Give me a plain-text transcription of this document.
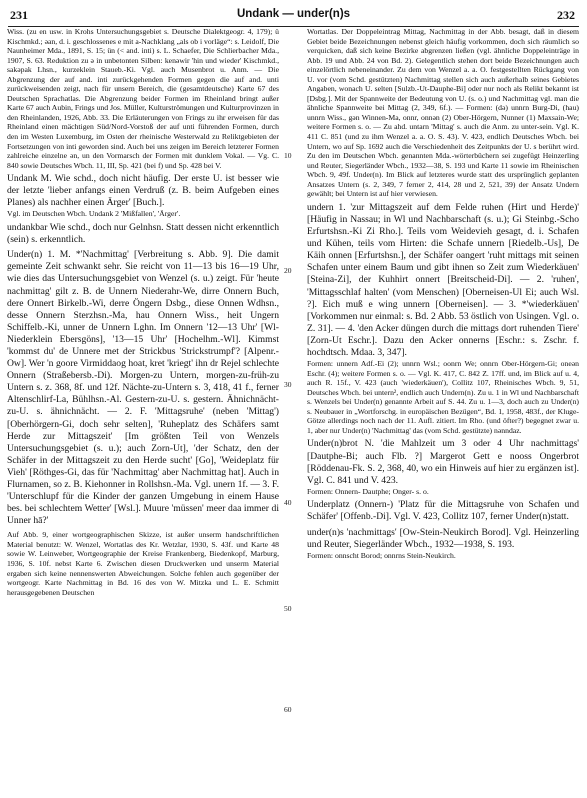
231	Undank — under(n)s	232

Wiss. (zu en usw. in Krohs Untersuchungsgebiet s. Deutsche Dialektgeogr. 4, 179); ü Kischmkd.; əan, d. i. geschlossenes e mit a-Nachklang „als ob i vorläge“: s. Leidolf, Die Naunheimer Mda., 1891, S. 15; ün (< and. inti) s. L. Schaefer, Die Schlierbacher Mda., 1907, S. 63. Reduktion zu ə in unbetonten Silben: kenəwir 'hin und wieder' Kischmkd., sakəpak Lhsn., kurzeklein Staueb.-Ki. Vgl. auch Musenbrot u. Anm. — Die Abgrenzung der auf and. inti zurückgehenden Formen gegen die auf and. unti zurückweisenden zeigt, nach für unsern Bereich, die (gesamtdeutsche) Karte 67 des Deutschen Sprachatlas. Die Abgrenzung beider Formen im Rheinland bringt außer Karte 67 auch Aubin, Frings und Jos. Müller, Kulturströmungen und Kulturprovinzen in den Rheinlanden, 1926, Abb. 33. Die Erläuterungen von Frings zu ihr erweisen für das Rheinland einen mächtigen Süd/Nord-Vorstoß der auf unti führenden Formen, durch den im Westen Luxemburg, im Osten der rheinische Westerwald zu Reliktgebieten der Fortsetzungen von inti geworden sind. Auch bei uns zeigen im Bereich letzterer Formen zahlreiche einzelne ən, un den Vormarsch der Formen mit dunklem Vokal. — Vg. C. 840 sowie Deutsches Wbch. 11, III, Sp. 421 (bei f) und Sp. 428 bei V.

Undank M. Wie schd., doch nicht häufig. Der erste U. ist besser wie der letzte 'lieber anfangs einen Verdruß (z. B. beim Aufgeben eines Planes) als nachher einen Ärger' [Buch.].

Vgl. im Deutschen Wbch. Undank 2 'Mißfallen', 'Ärger'.

undankbar Wie schd., doch nur Gelnhsn. Statt dessen nicht erkenntlich (sein) s. erkenntlich.

Under(n) 1. M. *'Nachmittag' [Verbreitung s. Abb. 9]. Die damit gemeinte Zeit schwankt sehr. Sie reicht von 11—13 bis 16—19 Uhr, wie dies das Untersuchungsgebiet von Wenzel (s. u.) zeigt. Für 'heute nachmittag' gilt z. B. de Unnern Niederahr-We, dirre Onnern Buch, dere Onnert Birkelb.-Wi, derre Öngern Dsbg., diese Onnen Wdhsn., desse Onnern Sterzhsn.-Ma, hau Onnern Wiss., heit Ungern Schiffelb.-Ki, unner de Unnern Lghn. Im Onnern '12—13 Uhr' [Wl-Niederklein Ebersgöns], '13—15 Uhr' [Hochelhm.-Wl]. Kimmst 'kommst du' de Unnere met der Strickbus 'Strickstrumpf'? [Alpenr.-Ow]. Wer 'n goore Virmiddaog hoat, kret 'kriegt' ihn dr Rejel schlechte Onnern (Straßebersb.-Di). Morgen-zu Untern, morgen-zu-früh-zu Untern s. z. 368, 8f. und 12f. Nächte-zu-Untern s. 3, 418, 41 f., ferner Altenschlirf-La, Bühlhsn.-Al. Gestern-zu-U. s. gestern. Ähnichnächt-zu-U. s. ähnichnächt. — 2. F. 'Mittagsruhe' (neben 'Mittag') [Oberhörgern-Gi, doch sehr selten], 'Ruheplatz des Schäfers samt Herde zur Mittagszeit' [Im größten Teil von Wenzels Untersuchungsgebiet (s. u.); auch Zorn-Ut], 'der Schatz, den der Schäfer in der Mittagszeit zu den Herde sucht' [Go], 'Weideplatz für Vieh' [Röthges-Gi, das für 'Nachmittag' aber Nachmittag hat]. Auch in Flurnamen, so z. B. Kiehonner in Rollshsn.-Ma. Vgl. unern 1f. — 3. F. 'Unterschlupf für die Kinder der ganzen Umgebung in einem Hause bes. bei schlechtem Wetter' [Wsl.]. Muure 'müssen' meer daa immer di Unner hā?'

Auf Abb. 9, einer wortgeographischen Skizze, ist außer unserm handschriftlichen Material benutzt: W. Wenzel, Wortatlas des Kr. Wetzlar, 1930, S. 43f. und Karte 48 sowie W. Leinweber, Wortgeographie der Kreise Frankenberg, Biedenkopf, Marburg, 1936, S. 10f. nebst Karte 6. Zwischen diesen Druckwerken und unserm Material ergaben sich keine nennenswerten Abweichungen. Solche fehlen auch gegenüber der wortgeogr. Karte Nachmittag in Bd. 16 des von W. Mitzka und L. E. Schmitt herausgegebenen Deutschen

10
20
30
40
50
60

Wortatlas. Der Doppeleintrag Mittag, Nachmittag in der Abb. besagt, daß in diesem Gebiet beide Bezeichnungen nebenst gleich häufig vorkommen, doch sich räumlich so verquicken, daß sich keine Bezirke abgrenzen ließen (vgl. ähnliche Doppeleinträge in Abb. 19 und Abb. 24 von Bd. 2). Gelegentlich stehen dort beide Bezeichnungen auch einzelörtlich nebeneinander. Zu dem von Wenzel a. a. O. festgestellten Rückgang von U. vor (vom Schd. gestützten) Nachmittag stellen sich auch außerhalb seines Gebietes Angaben, wonach U. selten [Sulzb.-Ut-Dauphe-Bi] oder nur noch als Relikt bekannt ist [Dsbg.]. Mit der Spannweite der Bedeutung von U. (s. o.) und Nachmittag vgl. man die ähnliche Spannweite bei Mittag (2, 349, 6f.). — Formen: (də) unnrn Burg-Di, (hau) unnrn Wiss., gən Winnen-Ma, onnr, onnən (2) Ober-Hörgern, Nunner (1) Maxsain-We; weitere Formen s. o. — Zu ahd. untarn 'Mittag' s. auch die Anm. zu unter-sein. Vgl. K. 411 C. 851 (und zu ihm Wenzel a. a. O. S. 43). V. 423, endlich Deutsches Wbch. bei Untern, wo auf Sp. 1692 auch die Verschiedenheit des Zeitpunkts der U. s berührt wird. Zu den im Deutschen Wbch. genannten Mda.-wörterbüchern sei zugefügt Heinzerling und Reuter, Siegerländer Wbch., 1932—38, S. 193 und Karte 11 sowie im Rheinischen Wbch. 9, 49f. Under(n). Im Blick auf letzteres wurde statt des ursprünglich geplanten Ansatzes Untern (s. 2, 349, 7 ferner 2, 414, 28 und 2, 521, 39) der Ansatz Undern gewählt; bei Untern ist auf hier verwiesen.

undern 1. 'zur Mittagszeit auf dem Felde ruhen (Hirt und Herde)' [Häufig in Nassau; in Wl und Nachbarschaft (s. u.); Gi Steinbg.-Scho Erfurtshsn.-Ki Zi Rho.]. Teils vom Weidevieh gesagt, d. i. Schafen und Kühen, teils vom Hirten: die Schafe unnern [Riedelb.-Us], De Käih onnen [Erfurtshsn.], der Schäfer oangert 'ruht mittags mit seinen Schafen unter einem Baum und gibt ihnen so Zeit zum Wiederkäuen' [Steina-Zi], der Kuhhirt onnert [Breitscheid-Di]. — 2. 'ruhen', 'Mittagsschlaf halten' (vom Menschen) [Oberneisen-Ul Ei; auch Wsl. ?]. Eich muß e wing unnern [Oberneisen]. — 3. *'wiederkäuen' [Vorkommen nur einmal: s. Bd. 2 Abb. 53 östlich von Usingen. Vgl. o. Z. 31]. — 4. 'den Acker düngen durch die mittags dort ruhenden Tiere' [Zorn-Ut Eschr.]. Dazu den Acker onnerns [Eschr.: s. Zschr. f. hochdtsch. Mdaa. 3, 347].

Formen: unnern Adf.-Ei (2); unnrn Wsl.; oonrn We; onnrn Ober-Hörgern-Gi; oneən Eschr. (4); weitere Formen s. o. — Vgl. K. 417, C. 842 Z. 17ff. und, im Blick auf u. 4, auch R. 15f., V. 423 (auch 'wiederkäuen'), Collitz 107, Rheinisches Wbch. 9, 51, Deutsches Wbch. bei untern², endlich auch Undern(n). Zu u. 1 in Wl und Nachbarschaft s. Wenzels bei Under(n) genannte Arbeit auf S. 44. Zu u. 1—3, doch auch zu Under(n) s. Neubauer in „Wortforschg. in europäischen Bezügen“, Bd. 1, 1958, 483f., der Kluge-Götze allerdings noch nach der 11. Aufl. zitiert. Im Rho. (und öfter?) begegnet zwar u. 1, aber nur Under(n) 'Nachmittag' das (vom Schd. gestützte) nənndaz.

Under(n)brot N. 'die Mahlzeit um 3 oder 4 Uhr nachmittags' [Dautphe-Bi; auch Flb. ?] Margerot Gett e nooss Ongerbrot [Röddenau-Fk. S. 2, 368, 40, wo ein Hinweis auf hier zu ergänzen ist]. Vgl. C. 841 und V. 423.

Formen: Onnern- Dautphe; Onger- s. o.

Underplatz (Onnern-) 'Platz für die Mittagsruhe von Schafen und Schäfer' [Offenb.-Di]. Vgl. V. 423, Collitz 107, ferner Under(n)statt.

under(n)s 'nachmittags' [Ow-Stein-Neukirch Borod]. Vgl. Heinzerling und Reuter, Siegerländer Wbch., 1932—1938, S. 193.

Formen: onnscht Borod; onnrns Stein-Neukirch.
